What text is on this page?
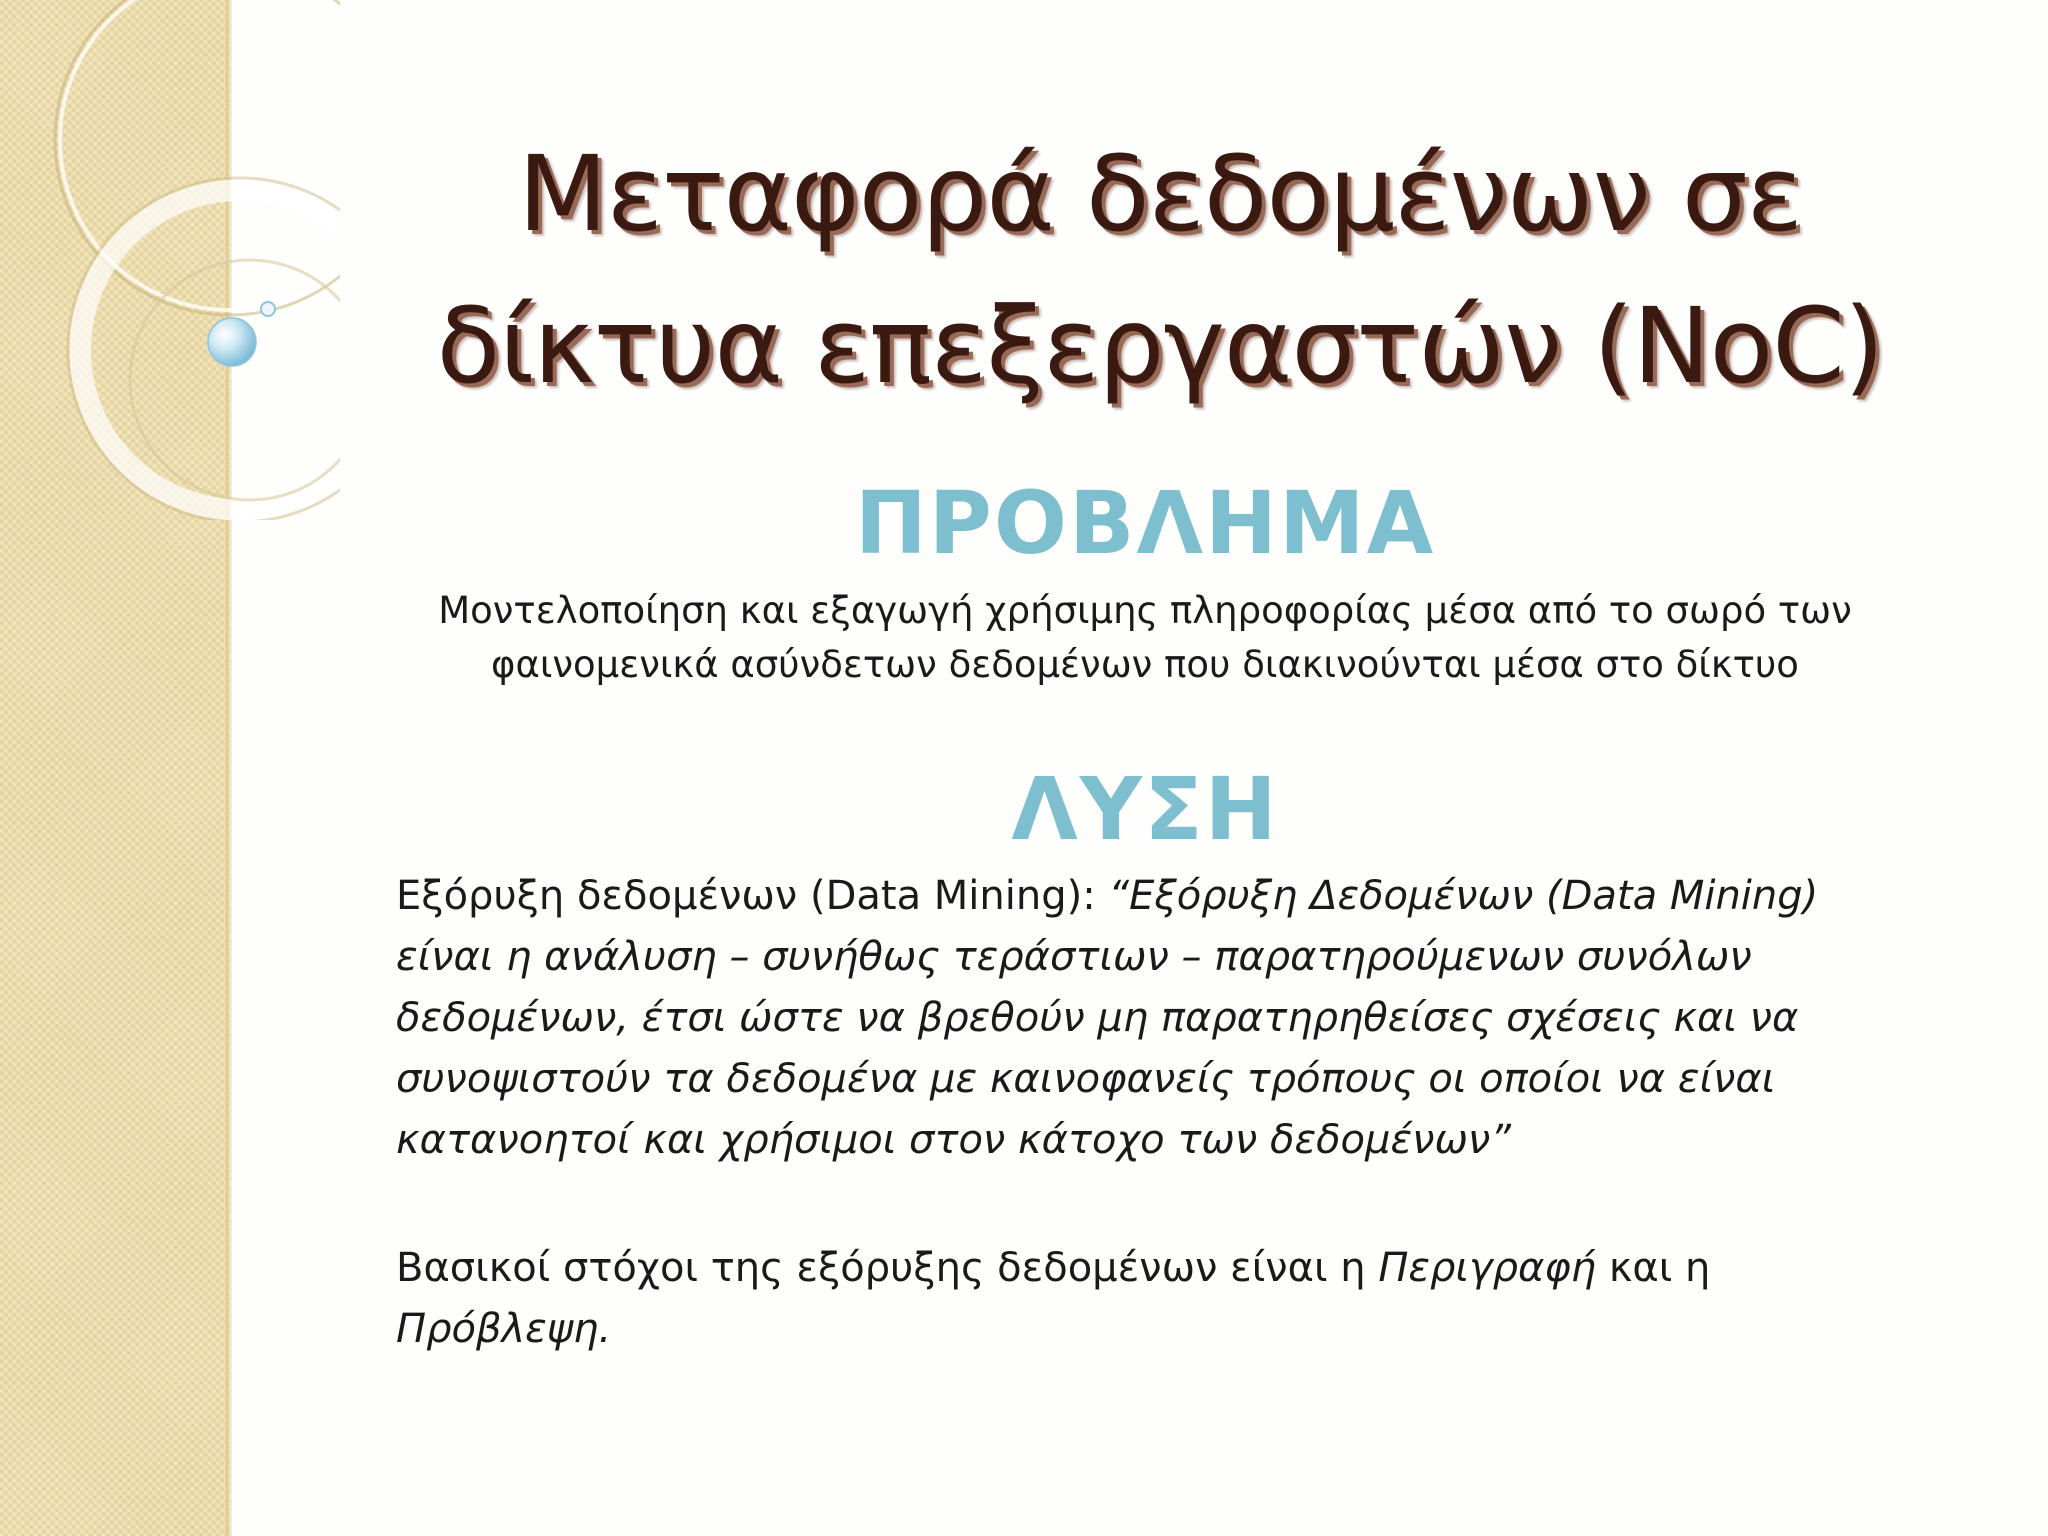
Μεταφορά δεδομένων σε δίκτυα επεξεργαστών (NoC)
ΠΡΟΒΛΗΜΑ

Μοντελοποίηση και εξαγωγή χρήσιμης πληροφορίας μέσα από το σωρό των φαινομενικά ασύνδετων δεδομένων που διακινούνται μέσα στο δίκτυο

ΛΥΣΗ

Εξόρυξη δεδομένων (Data Mining): “Εξόρυξη Δεδομένων (Data Mining) είναι η ανάλυση – συνήθως τεράστιων – παρατηρούμενων συνόλων δεδομένων, έτσι ώστε να βρεθούν μη παρατηρηθείσες σχέσεις και να συνοψιστούν τα δεδομένα με καινοφανείς τρόπους οι οποίοι να είναι κατανοητοί και χρήσιμοι στον κάτοχο των δεδομένων”

Βασικοί στόχοι της εξόρυξης δεδομένων είναι η Περιγραφή και η Πρόβλεψη.
